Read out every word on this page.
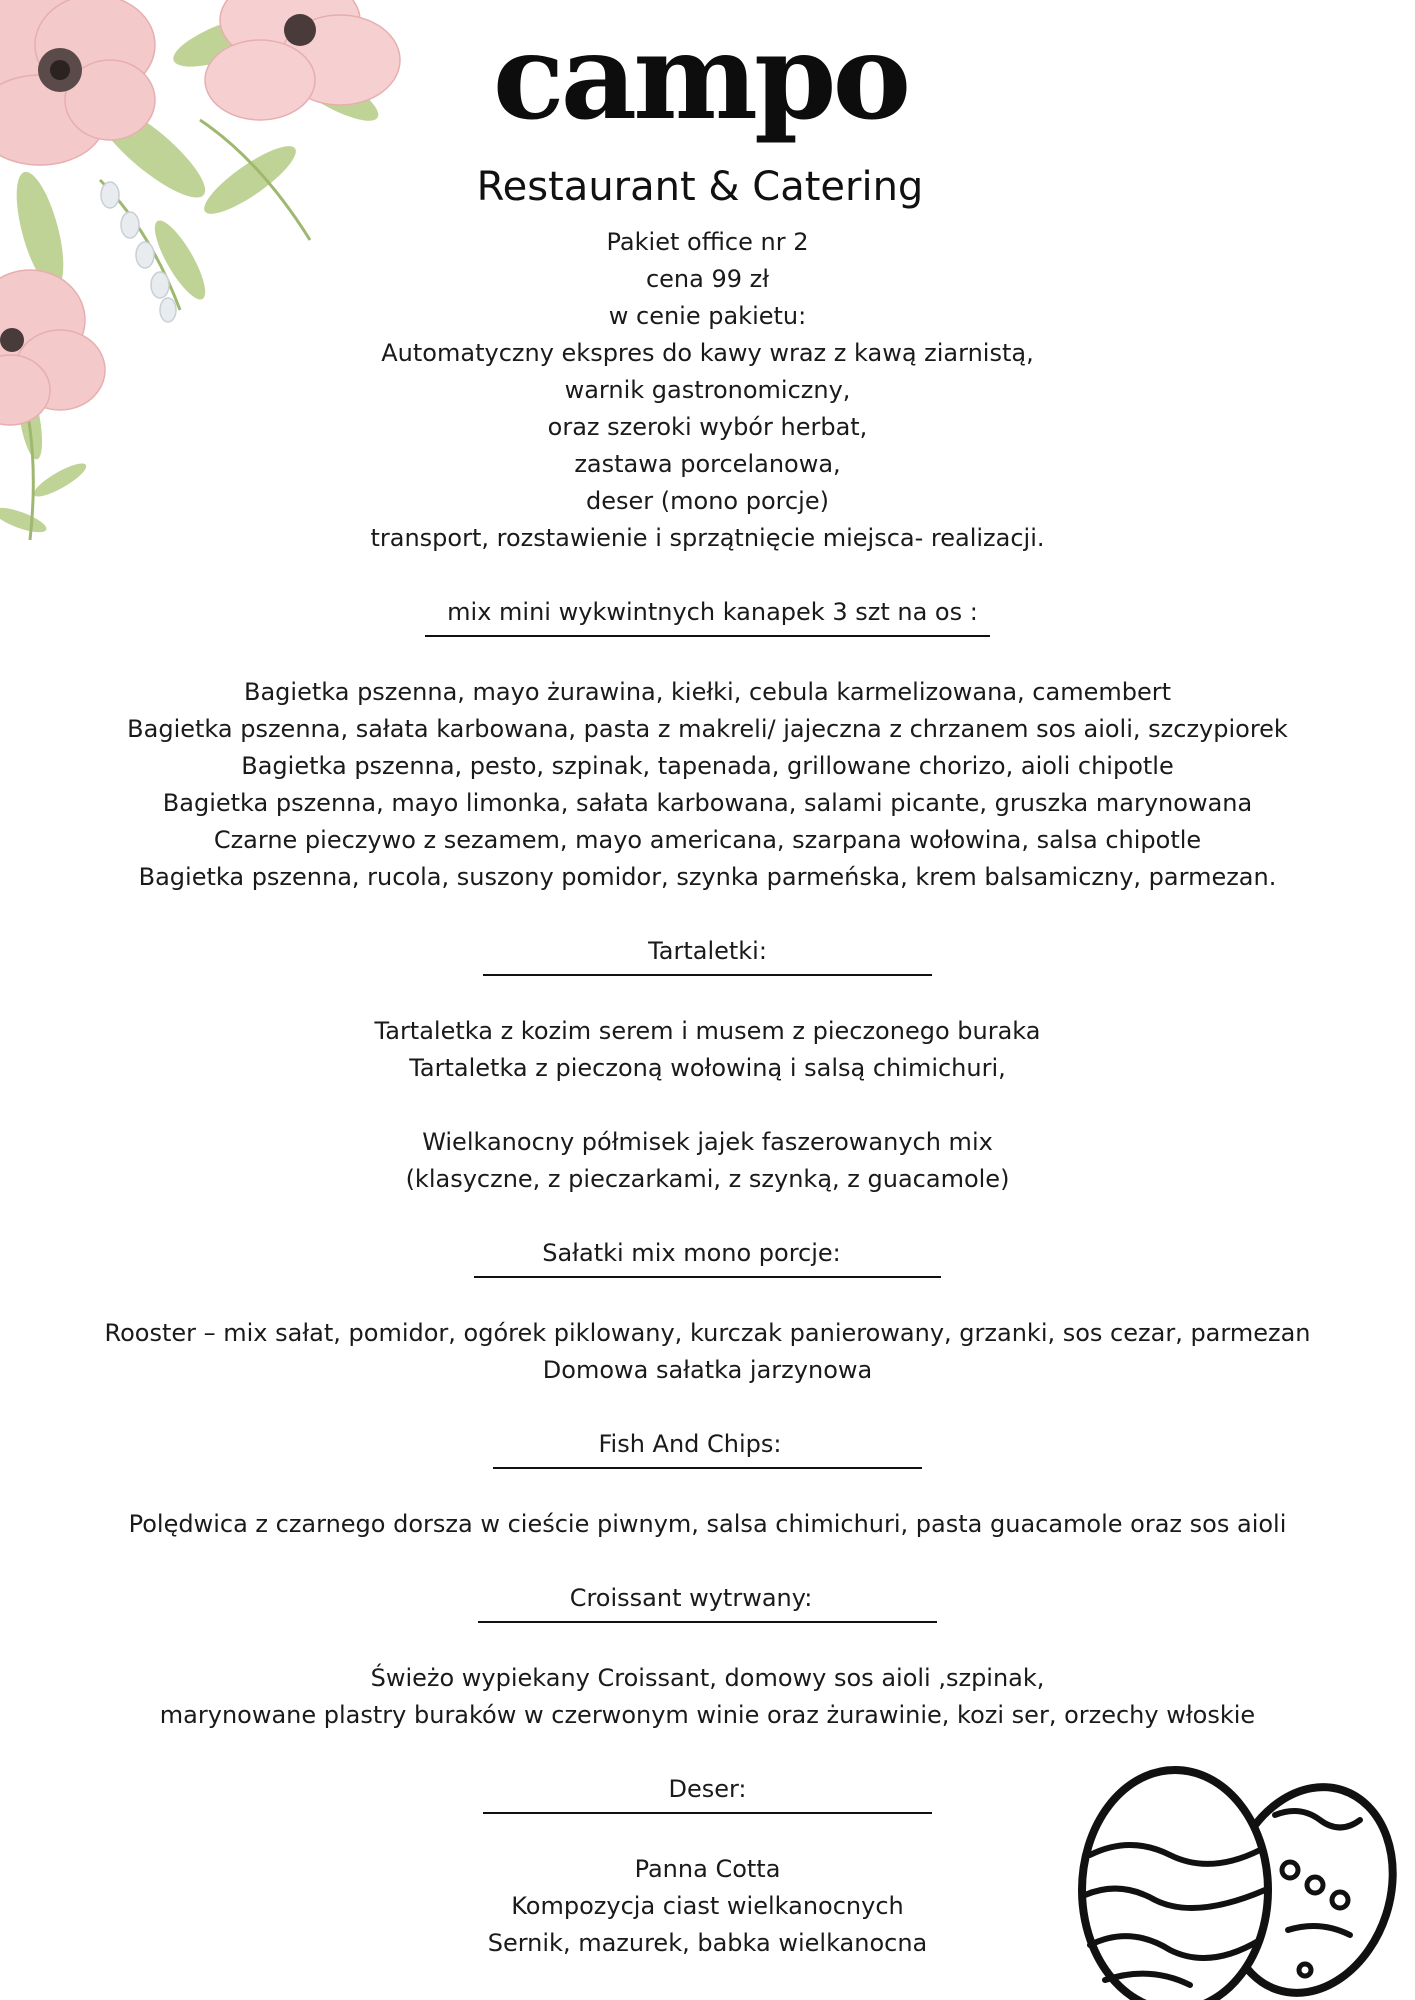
campo
Restaurant & Catering
Pakiet office nr 2
cena 99 zł
w cenie pakietu:
Automatyczny ekspres do kawy wraz z kawą ziarnistą,
warnik gastronomiczny,
oraz szeroki wybór herbat,
zastawa porcelanowa,
deser (mono porcje)
transport, rozstawienie i sprzątnięcie miejsca- realizacji.
mix mini wykwintnych kanapek 3 szt na os :
Bagietka pszenna, mayo żurawina, kiełki, cebula karmelizowana, camembert
Bagietka pszenna, sałata karbowana, pasta z makreli/ jajeczna z chrzanem sos aioli, szczypiorek
Bagietka pszenna, pesto, szpinak, tapenada, grillowane chorizo, aioli chipotle
Bagietka pszenna, mayo limonka, sałata karbowana, salami picante, gruszka marynowana
Czarne pieczywo z sezamem, mayo americana, szarpana wołowina, salsa chipotle
Bagietka pszenna, rucola, suszony pomidor, szynka parmeńska, krem balsamiczny, parmezan.
Tartaletki:
Tartaletka z kozim serem i musem z pieczonego buraka
Tartaletka z pieczoną wołowiną i salsą chimichuri,
Wielkanocny półmisek jajek faszerowanych mix
(klasyczne, z pieczarkami, z szynką, z guacamole)
Sałatki mix mono porcje:
Rooster – mix sałat, pomidor, ogórek piklowany, kurczak panierowany, grzanki, sos cezar, parmezan
Domowa sałatka jarzynowa
Fish And Chips:
Polędwica z czarnego dorsza w cieście piwnym, salsa chimichuri, pasta guacamole oraz sos aioli
Croissant wytrwany:
Świeżo wypiekany Croissant, domowy sos aioli ,szpinak,
marynowane plastry buraków w czerwonym winie oraz żurawinie, kozi ser, orzechy włoskie
Deser:
Panna Cotta
Kompozycja ciast wielkanocnych
Sernik, mazurek, babka wielkanocna
